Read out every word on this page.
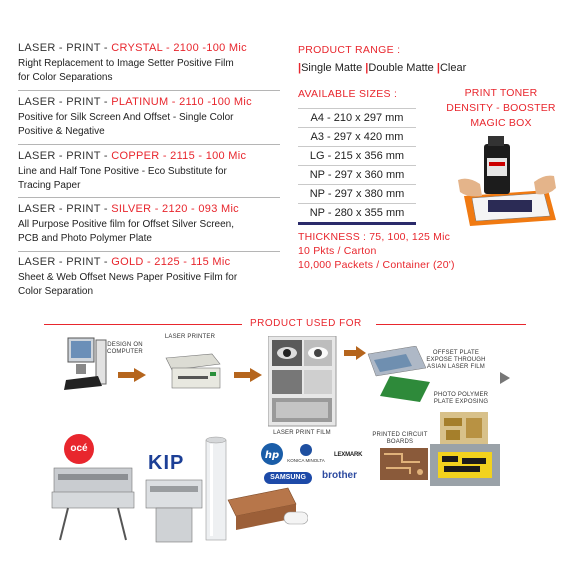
LASER - PRINT - CRYSTAL - 2100 -100 Mic
Right Replacement to Image Setter Positive Film
for Color Separations
LASER - PRINT - PLATINUM - 2110 -100 Mic
Positive for Silk Screen And Offset - Single Color
Positive & Negative
LASER - PRINT - COPPER - 2115 - 100 Mic
Line and Half Tone Positive - Eco Substitute for
Tracing Paper
LASER - PRINT - SILVER - 2120 - 093 Mic
All Purpose Positive film for Offset Silver Screen,
PCB and Photo Polymer Plate
LASER - PRINT - GOLD - 2125 - 115 Mic
Sheet & Web Offset News Paper Positive Film for
Color Separation
PRODUCT RANGE :
|Single Matte |Double Matte |Clear
AVAILABLE SIZES :
A4 - 210 x 297 mm
A3 - 297 x 420 mm
LG - 215 x 356 mm
NP - 297 x 360 mm
NP - 297 x 380 mm
NP - 280 x 355 mm
PRINT TONER
DENSITY - BOOSTER
MAGIC BOX
THICKNESS : 75, 100, 125 Mic
10 Pkts / Carton
10,000 Packets / Container (20')
PRODUCT USED FOR
DESIGN ON COMPUTER
LASER PRINTER
LASER PRINT FILM
OFFSET PLATE EXPOSE THROUGH ASIAN LASER FILM
PHOTO POLYMER PLATE EXPOSING
PRINTED CIRCUIT BOARDS
hp KONICA MINOLTA
LEXMARK
SAMSUNG	brother
océ
KIP
